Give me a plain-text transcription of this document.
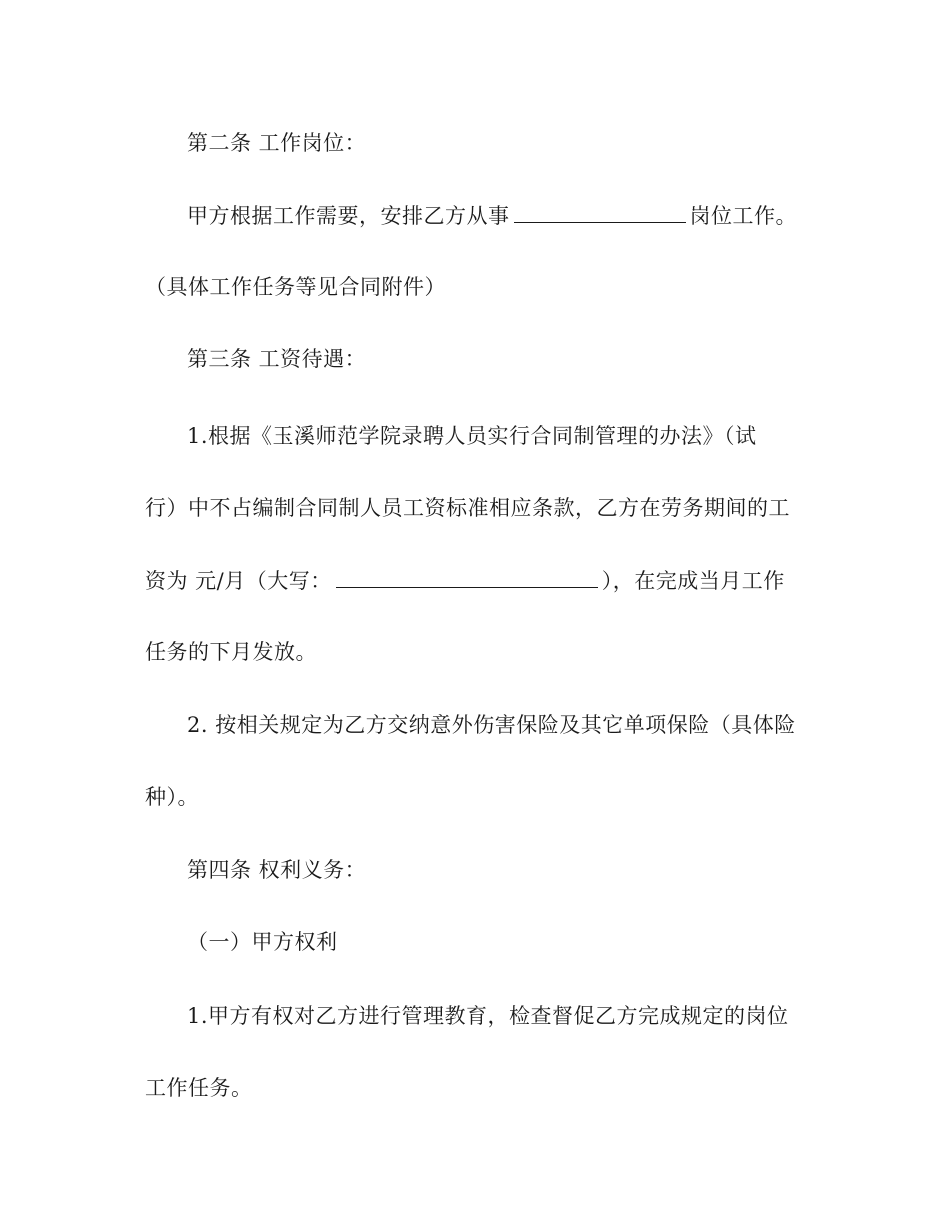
第二条 工作岗位：
甲方根据工作需要，安排乙方从事	岗位工作。
（具体工作任务等见合同附件）
第三条 工资待遇：
1.根据《玉溪师范学院录聘人员实行合同制管理的办法》（试
行）中不占编制合同制人员工资标准相应条款，乙方在劳务期间的工
资为 元/月（大写：	），在完成当月工作
任务的下月发放。
2. 按相关规定为乙方交纳意外伤害保险及其它单项保险（具体险
种）。
第四条 权利义务：
（一）甲方权利
1.甲方有权对乙方进行管理教育，检查督促乙方完成规定的岗位
工作任务。
